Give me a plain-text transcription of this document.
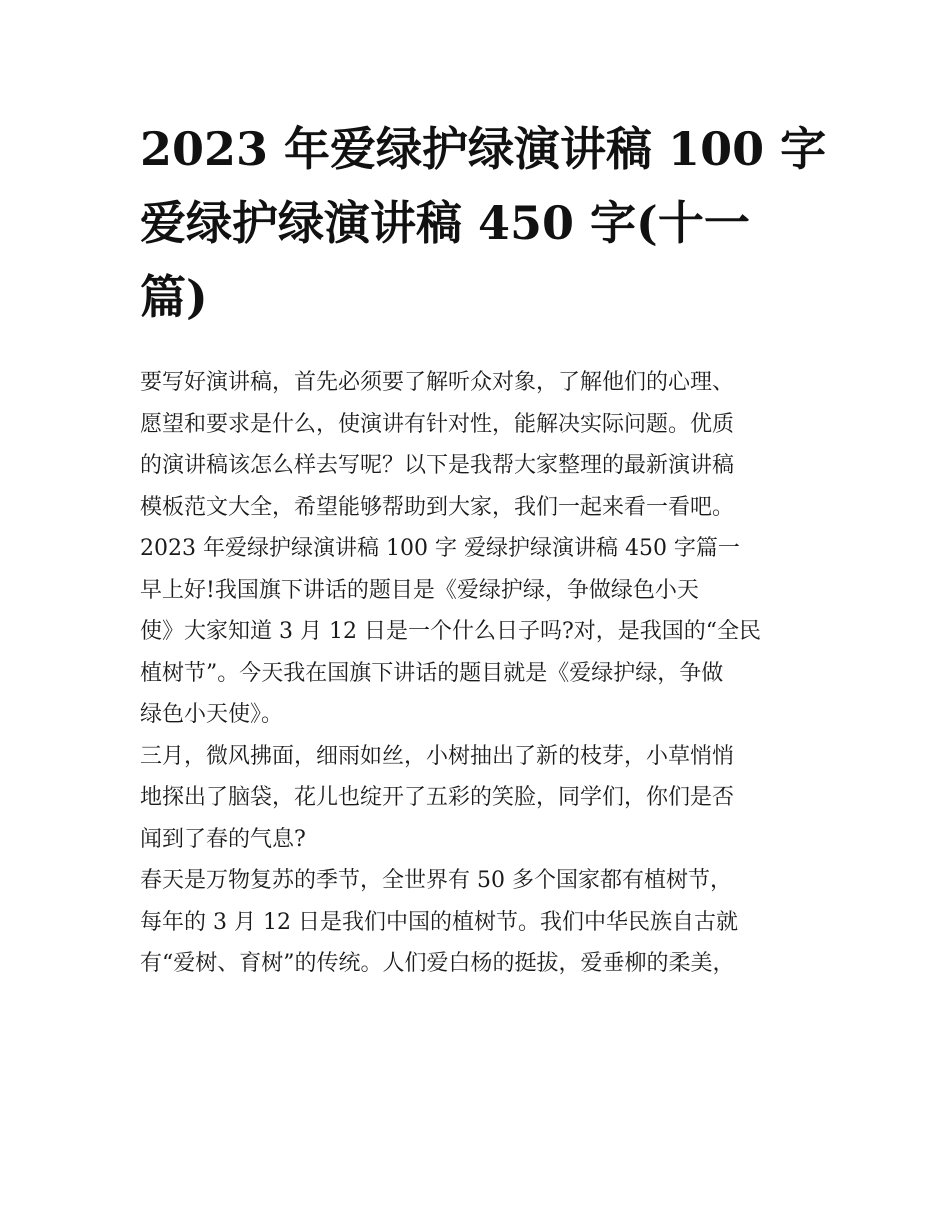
2023 年爱绿护绿演讲稿 100 字
爱绿护绿演讲稿 450 字(十一
篇)
要写好演讲稿，首先必须要了解听众对象，了解他们的心理、
愿望和要求是什么，使演讲有针对性，能解决实际问题。优质
的演讲稿该怎么样去写呢？以下是我帮大家整理的最新演讲稿
模板范文大全，希望能够帮助到大家，我们一起来看一看吧。
2023 年爱绿护绿演讲稿 100 字 爱绿护绿演讲稿 450 字篇一
早上好!我国旗下讲话的题目是《爱绿护绿，争做绿色小天
使》大家知道 3 月 12 日是一个什么日子吗?对，是我国的“全民
植树节”。今天我在国旗下讲话的题目就是《爱绿护绿，争做
绿色小天使》。
三月，微风拂面，细雨如丝，小树抽出了新的枝芽，小草悄悄
地探出了脑袋，花儿也绽开了五彩的笑脸，同学们，你们是否
闻到了春的气息?
春天是万物复苏的季节，全世界有 50 多个国家都有植树节，
每年的 3 月 12 日是我们中国的植树节。我们中华民族自古就
有“爱树、育树”的传统。人们爱白杨的挺拔，爱垂柳的柔美，
